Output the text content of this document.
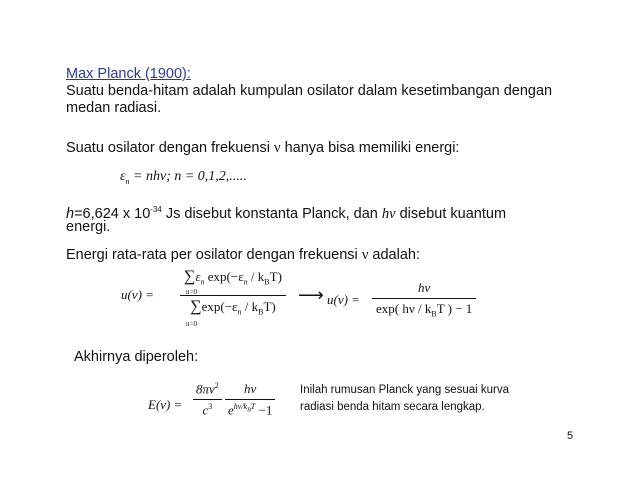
Max Planck (1900):
Suatu benda-hitam adalah kumpulan osilator dalam kesetimbangan dengan
medan radiasi.
Suatu osilator dengan frekuensi ν hanya bisa memiliki energi:
$\varepsilon_n = nh\nu$; n = 0,1,2,.....
h=6,624 x $10^{-34}$ Js disebut konstanta Planck, dan hν disebut kuantum
energi.
Energi rata-rata per osilator dengan frekuensi ν adalah:
u(ν) =
$\sum\varepsilon_n$ $\exp(-\varepsilon_n / k_BT)$
n=0
$\sum\exp(-\varepsilon_n / k_BT)$
n=0
⟶ u(ν) =
hν
exp( hν / $k_BT$ ) − 1
Akhirnya diperoleh:
E(ν) =
$8\pi\nu^2$
$c^3$
hν
$e^{h\nu/k_BT} -1$
Inilah rumusan Planck yang sesuai kurva
radiasi benda hitam secara lengkap.
5
